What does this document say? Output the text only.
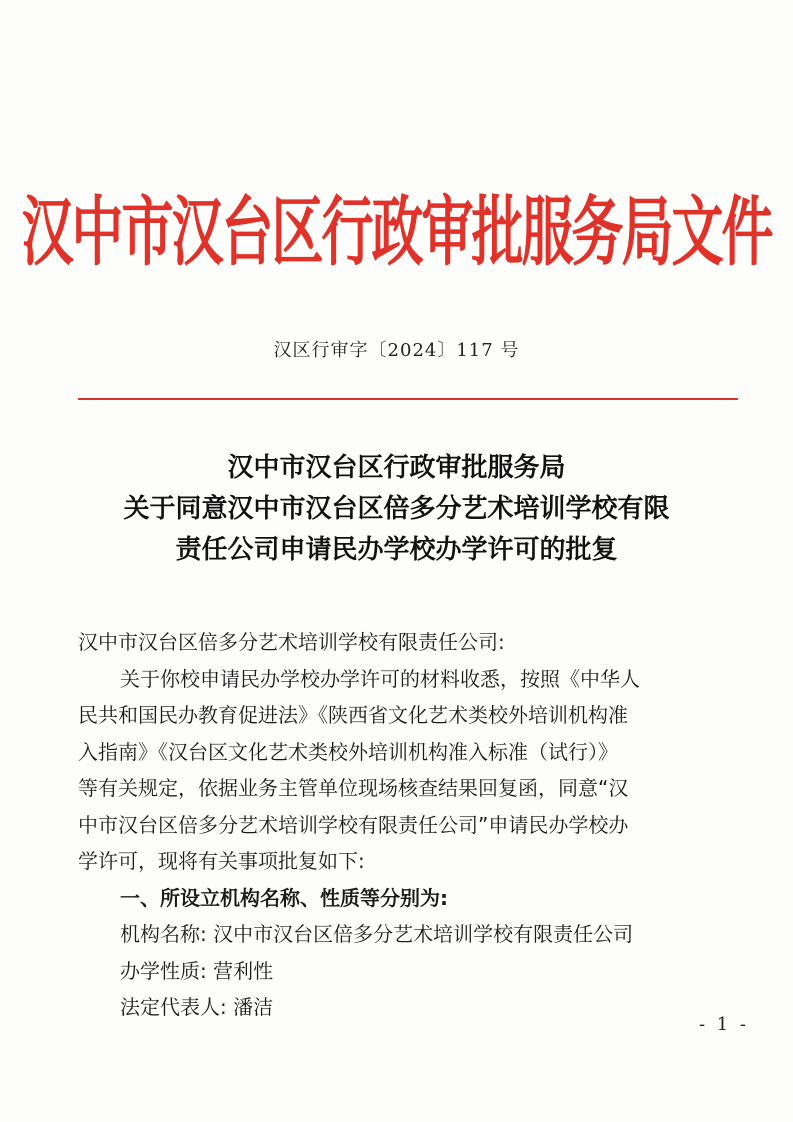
汉中市汉台区行政审批服务局文件
汉区行审字〔2024〕117 号
汉中市汉台区行政审批服务局
关于同意汉中市汉台区倍多分艺术培训学校有限
责任公司申请民办学校办学许可的批复
汉中市汉台区倍多分艺术培训学校有限责任公司:
关于你校申请民办学校办学许可的材料收悉，按照《中华人
民共和国民办教育促进法》《陕西省文化艺术类校外培训机构准
入指南》《汉台区文化艺术类校外培训机构准入标准（试行）》
等有关规定，依据业务主管单位现场核查结果回复函，同意“汉
中市汉台区倍多分艺术培训学校有限责任公司”申请民办学校办
学许可，现将有关事项批复如下:
一、所设立机构名称、性质等分别为:
机构名称: 汉中市汉台区倍多分艺术培训学校有限责任公司
办学性质: 营利性
法定代表人: 潘洁
- 1 -
